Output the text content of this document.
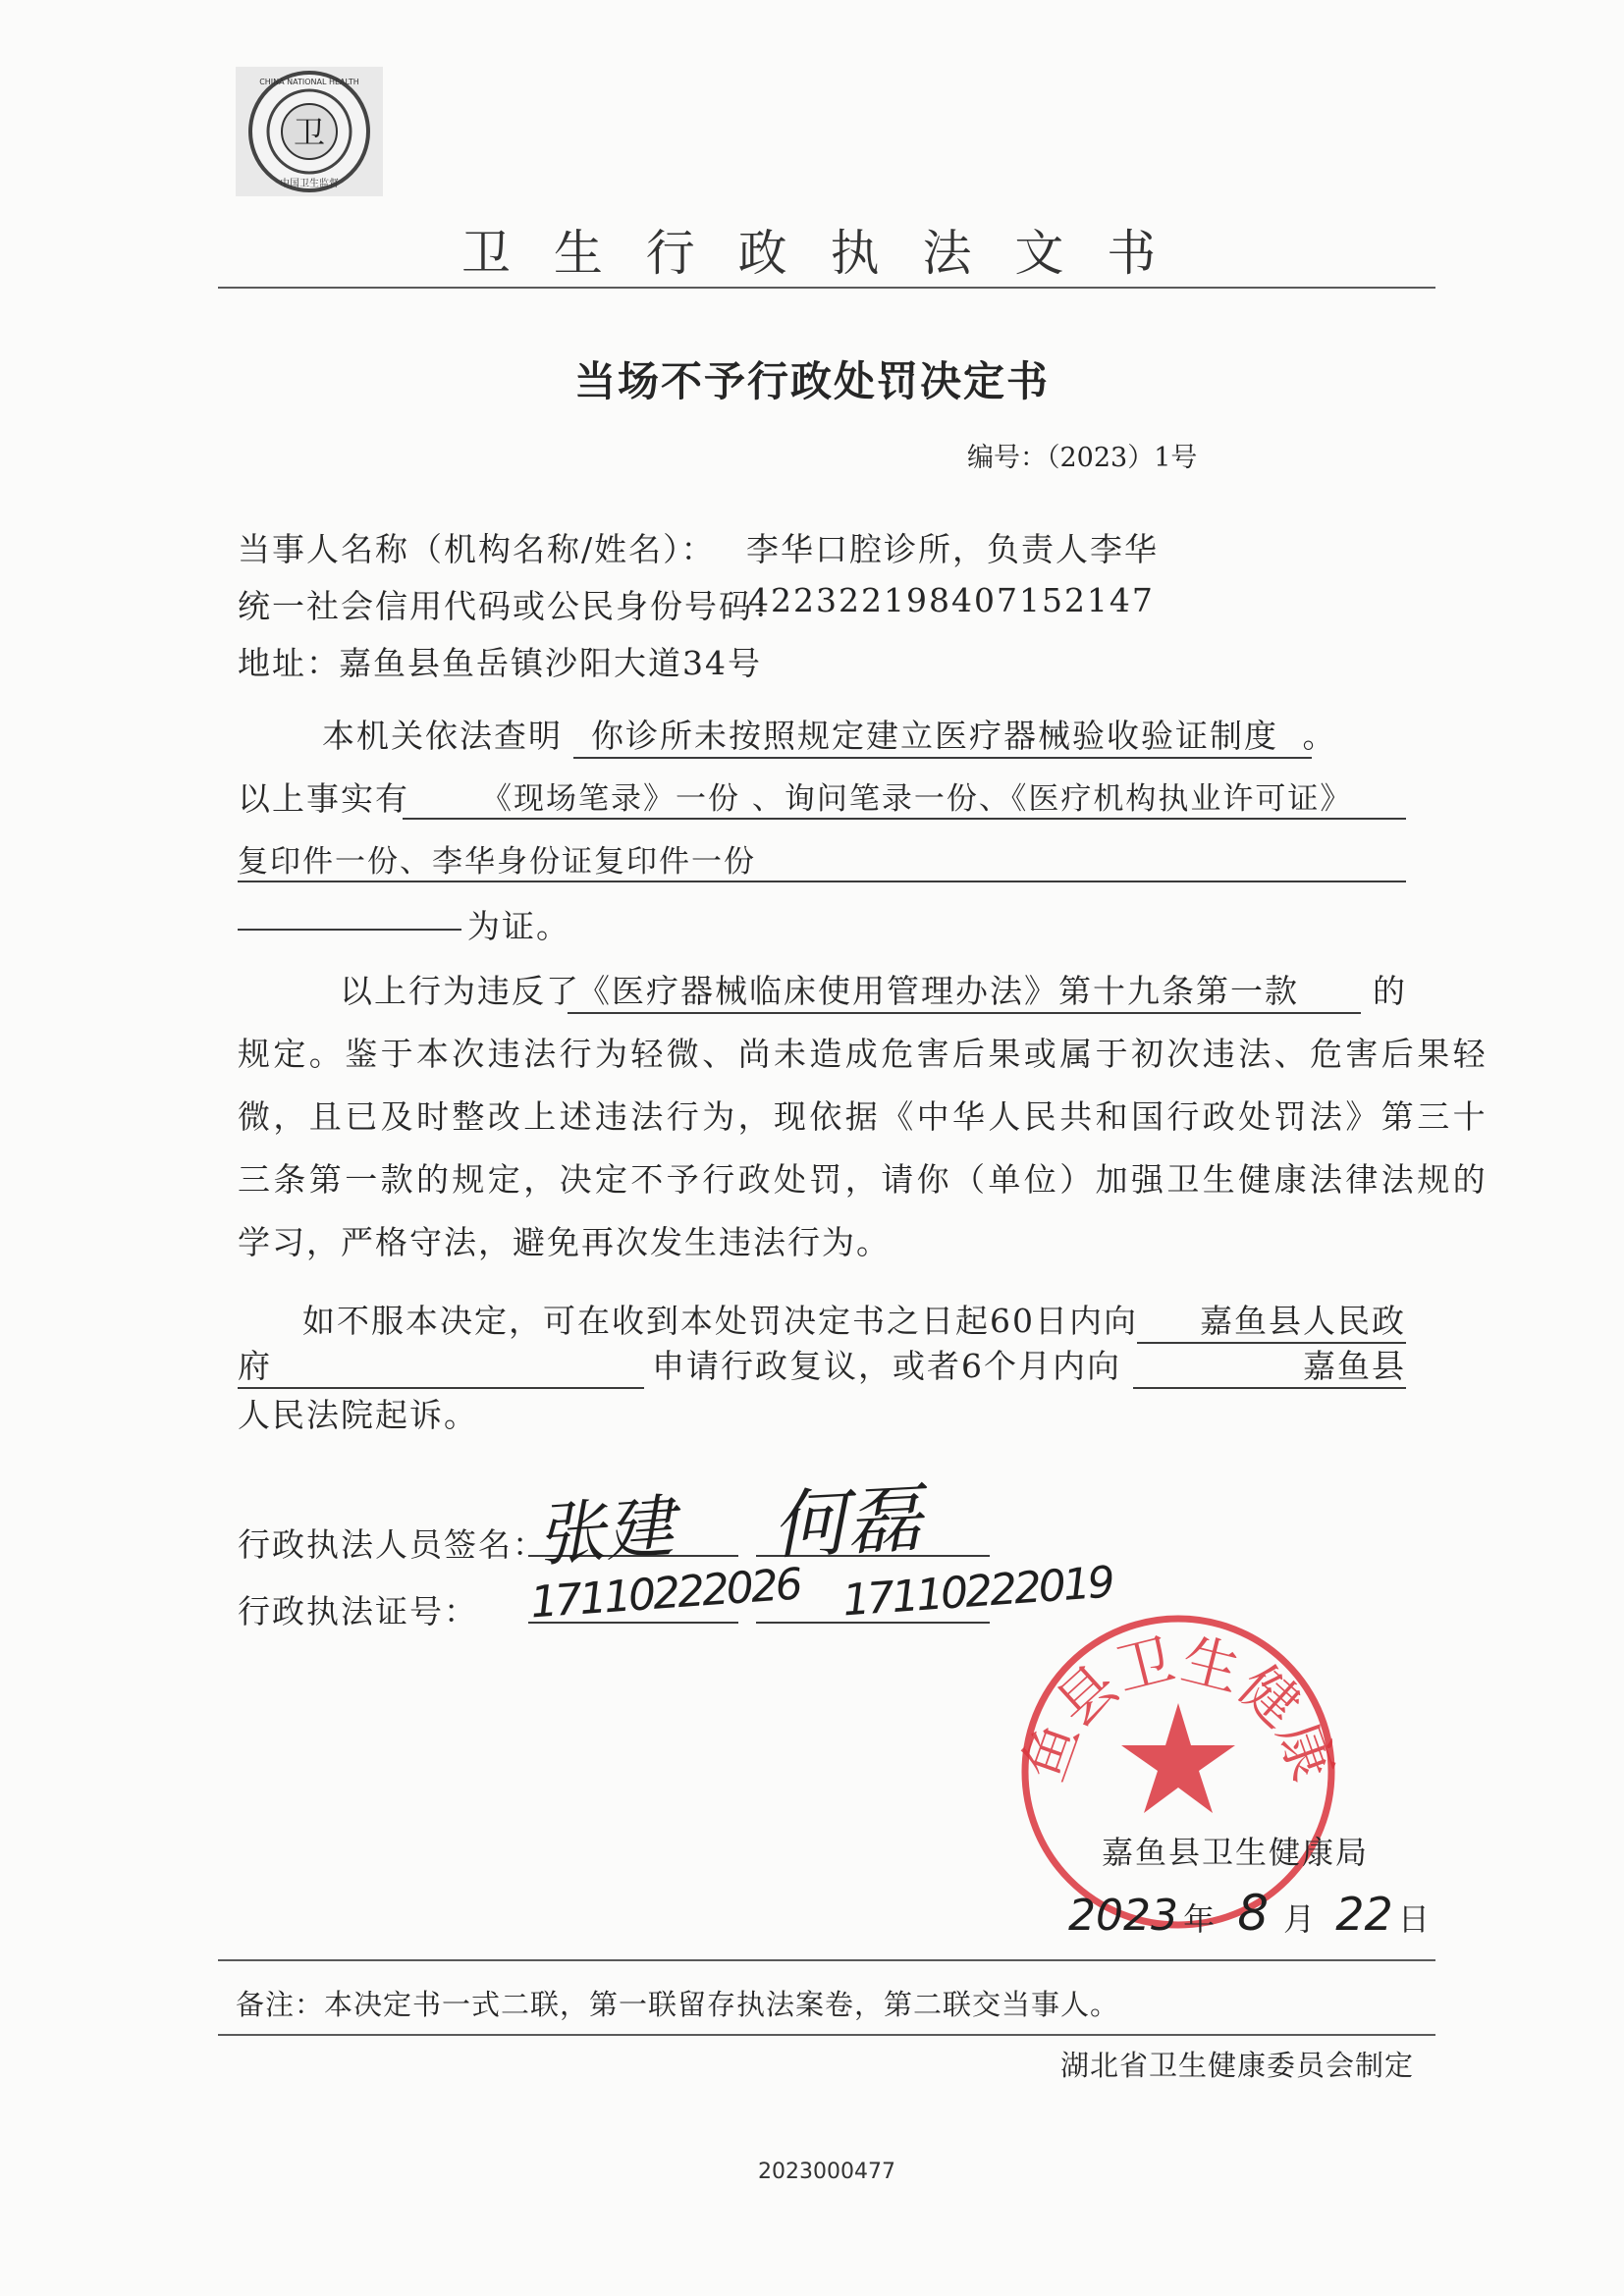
卫
CHINA NATIONAL HEALTH
中国卫生监督
卫 生 行 政 执 法 文 书
当场不予行政处罚决定书
编号：（2023）1号
当事人名称（机构名称/姓名）： 李华口腔诊所，负责人李华
统一社会信用代码或公民身份号码：
422322198407152147
地址：
嘉鱼县鱼岳镇沙阳大道34号
本机关依法查明 你诊所未按照规定建立医疗器械验收验证制度 。
以上事实有	《现场笔录》一份 、询问笔录一份、《医疗机构执业许可证》
复印件一份、李华身份证复印件一份
为证。
以上行为违反了
《医疗器械临床使用管理办法》第十九条第一款	的
规定。鉴于本次违法行为轻微、尚未造成危害后果或属于初次违法、危害后果轻
微，且已及时整改上述违法行为，现依据《中华人民共和国行政处罚法》第三十
三条第一款的规定，决定不予行政处罚，请你（单位）加强卫生健康法律法规的
学习，严格守法，避免再次发生违法行为。
如不服本决定，可在收到本处罚决定书之日起60日内向	嘉鱼县人民政
府	申请行政复议，或者6个月内向	嘉鱼县
人民法院起诉。
行政执法人员签名：
张建 何磊
行政执法证号： 17110222026 17110222019
鱼县卫生健康
嘉鱼县卫生健康局
2023 年 8 月 22 日
备注：本决定书一式二联，第一联留存执法案卷，第二联交当事人。
湖北省卫生健康委员会制定
2023000477
